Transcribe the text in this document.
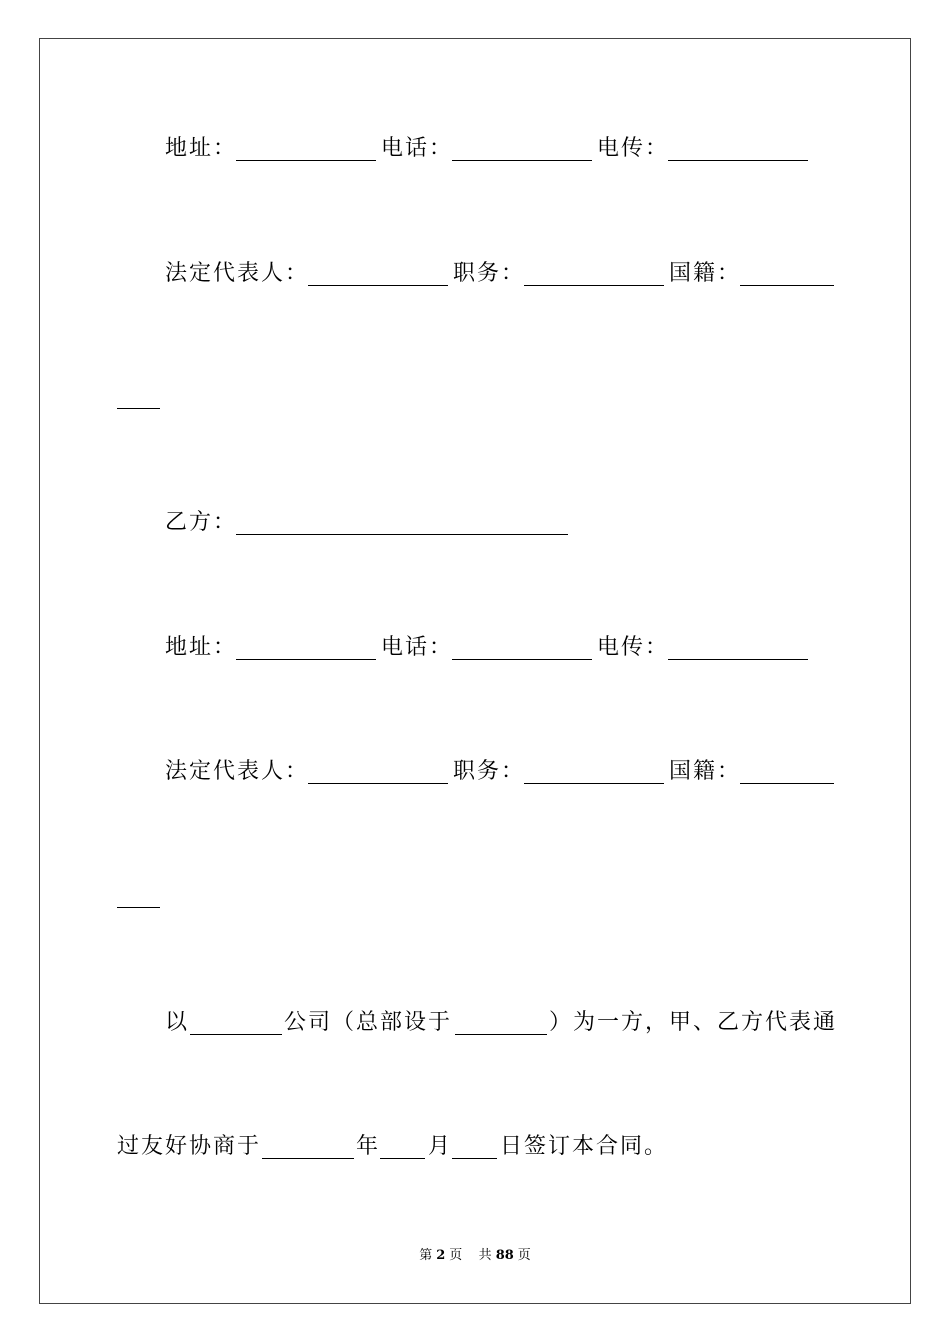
地址：	电话：	电传：
法定代表人：	职务：	国籍：
乙方：
地址：	电话：	电传：
法定代表人：	职务：	国籍：
以	公司（总部设于	）为一方，甲、乙方代表通
过友好协商于	年 月 日签订本合同。
第 2 页 共 88 页
